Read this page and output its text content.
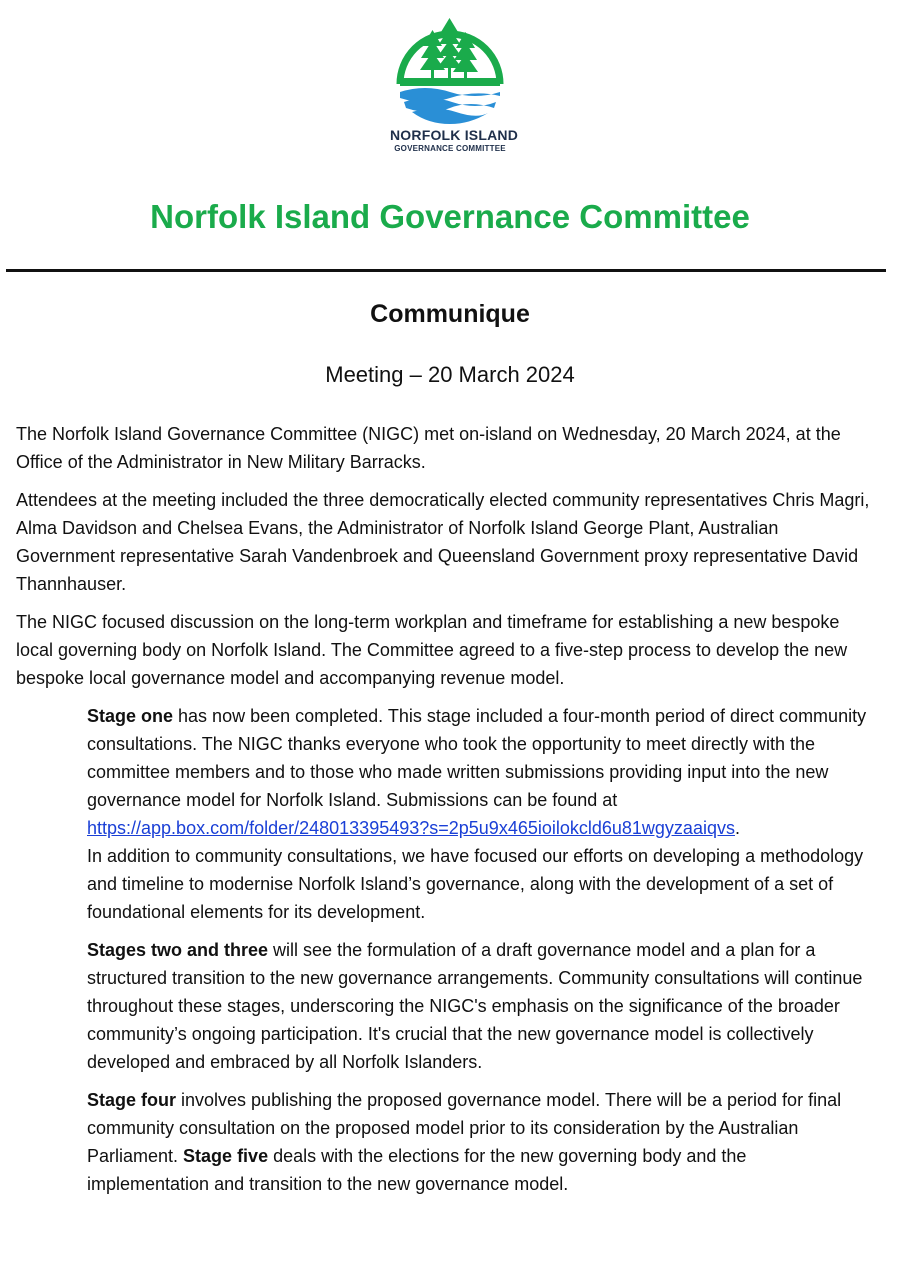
NORFOLK ISLAND
GOVERNANCE COMMITTEE
Norfolk Island Governance Committee
Communique
Meeting – 20 March 2024

The Norfolk Island Governance Committee (NIGC) met on-island on Wednesday, 20 March 2024, at the Office of the Administrator in New Military Barracks.

Attendees at the meeting included the three democratically elected community representatives Chris Magri, Alma Davidson and Chelsea Evans, the Administrator of Norfolk Island George Plant, Australian Government representative Sarah Vandenbroek and Queensland Government proxy representative David Thannhauser.

The NIGC focused discussion on the long-term workplan and timeframe for establishing a new bespoke local governing body on Norfolk Island. The Committee agreed to a five-step process to develop the new bespoke local governance model and accompanying revenue model.

Stage one has now been completed. This stage included a four-month period of direct community consultations. The NIGC thanks everyone who took the opportunity to meet directly with the committee members and to those who made written submissions providing input into the new governance model for Norfolk Island. Submissions can be found at
https://app.box.com/folder/248013395493?s=2p5u9x465ioilokcld6u81wgyzaaiqvs.
In addition to community consultations, we have focused our efforts on developing a methodology and timeline to modernise Norfolk Island’s governance, along with the development of a set of foundational elements for its development.

Stages two and three will see the formulation of a draft governance model and a plan for a structured transition to the new governance arrangements. Community consultations will continue throughout these stages, underscoring the NIGC's emphasis on the significance of the broader community’s ongoing participation. It's crucial that the new governance model is collectively developed and embraced by all Norfolk Islanders.

Stage four involves publishing the proposed governance model. There will be a period for final community consultation on the proposed model prior to its consideration by the Australian Parliament. Stage five deals with the elections for the new governing body and the implementation and transition to the new governance model.
